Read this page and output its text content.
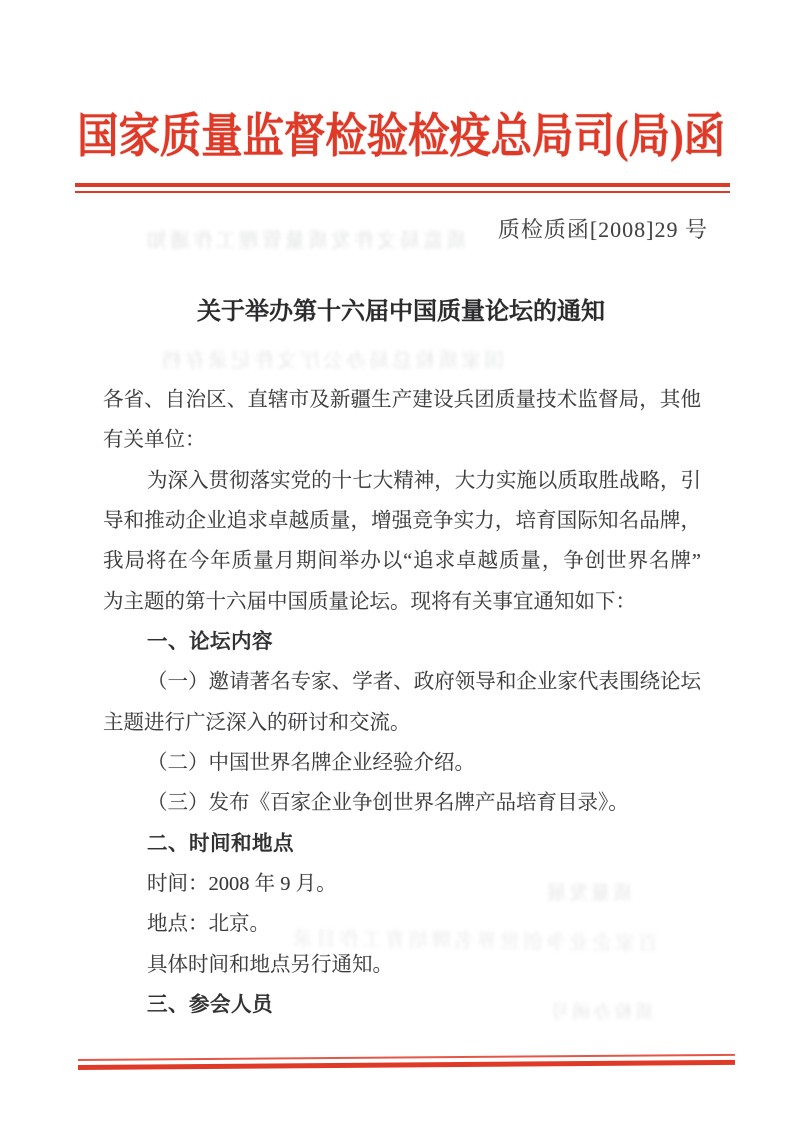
质监局文件发质量管理工作通知
国家质检总局办公厅文件记录存档
质量发展
百家企业争创世界名牌培育工作目录
质检办函号
国家质量监督检验检疫总局司(局)函
质检质函[2008]29 号
关于举办第十六届中国质量论坛的通知
各省、自治区、直辖市及新疆生产建设兵团质量技术监督局，其他
有关单位：
为深入贯彻落实党的十七大精神，大力实施以质取胜战略，引
导和推动企业追求卓越质量，增强竞争实力，培育国际知名品牌，
我局将在今年质量月期间举办以“追求卓越质量，争创世界名牌”
为主题的第十六届中国质量论坛。现将有关事宜通知如下：
一、论坛内容
（一）邀请著名专家、学者、政府领导和企业家代表围绕论坛
主题进行广泛深入的研讨和交流。
（二）中国世界名牌企业经验介绍。
（三）发布《百家企业争创世界名牌产品培育目录》。
二、时间和地点
时间：2008 年 9 月。
地点：北京。
具体时间和地点另行通知。
三、参会人员
